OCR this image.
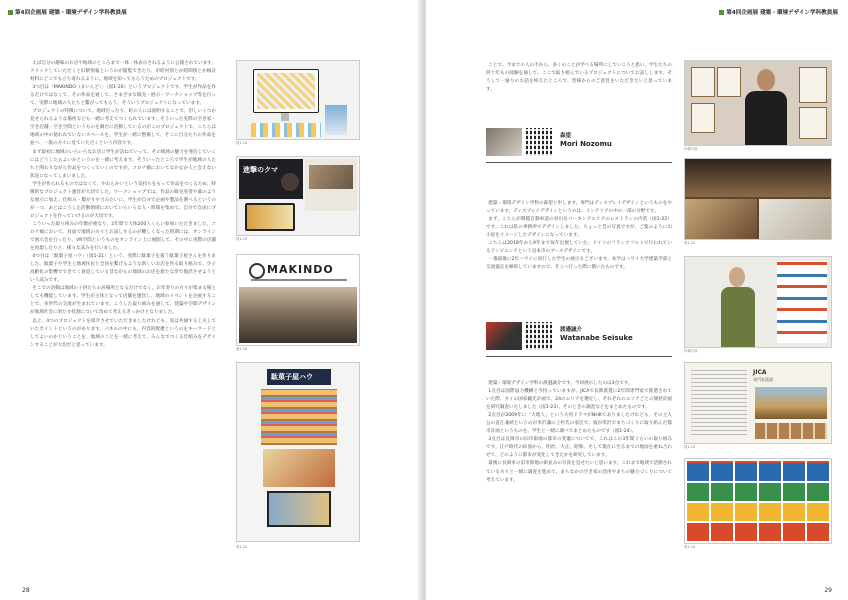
第4回企画展 建築・環境デザイン学科教員展

えば自分の趣味のお店や地域のところまで一体一体表示されるように公開されています。クリックしていただくと旧駅情報というのが閲覧できたり、市町村別とか時間別とか検討材料にどこでも立ち寄れるように、地域を知ってもらうためのプロジェクトです。

3つ目は「MAKINDO（まいんど）」（図1-20）というプロジェクトです。学生が作品を作るだけではなくて、その作品を通して、さまざまな販売・展示・ワークショップ等を行って、実際に地域の人たちと繋がってもらう、そういうプロジェクトになっています。

プロジェクトの特徴について、地域だったり、町の人には説明することで、但しいくつか見せられるような場所なども一緒に考えてつくられています。そういった実際の空き家・空き店舗・空き空間というものを舞台に活動しているのがこのプロジェクトで、こちらは地域の中の使われていないスペースを、学生が一緒に整備して、そこに自分たちの作品を並べ、一般の方々に見ていただくという内容です。

まず最初に地域のいろいろなお店に学生が訪ねていって、その地域の魅力を発信していくにはどうしたらよいかというのを一緒に考えます。そういったところで学生が地域の人たちと関わりながら作品をつくっていくのですが、コロナ禍においてなかなか人と会えない状況になってしまいました。

学生が作られるものではなくて、やわらかいという気持ちをもって作品をつくるため、特徴的なプロジェクト運営が大切でした。ワークショップでは、作品の販売実習や幕のような展示に加え、仕組み・繋がりや力みたいに、学生が自分で企画や製品を選べるというのが一つ、あとはこうした活動領域においていろいろな人・時間を集めて、自分で自由にプロジェクトを作っていけるのが大切です。

こういった取り組みの年数が重なり、2年間で大体200人くらい参加いただきました。コロナ禍において、対面で地域の方々とお話しするのが難しくなった時期には、オンラインで展示会を行ったり、VR空間というものをオンライン上に展開して、その中に実際の店舗を再現したりと、様々な試みを行いました。

4つ目は「駄菓子屋ハウ」（図1-21）という、実際に駄菓子を扱う駄菓子屋さんを作りました。駄菓子や学生と地域住民と全員を繋げるような新しいお店を作る取り組みで、少子高齢化の影響でできてく衰退している昔ながらの地域のお店を新たな形で復活させようという試みです。

そこでの活動は地域の子供たちの居場所となるだけでなく、お年寄りの方々が集まる場としても機能しています。学生が主体となって店舗を運営し、地域のイベントを企画することで、多世代の交流が生まれています。こうした取り組みを通して、建築や空間デザインが地域社会に果たす役割について改めて考えるきっかけとなりました。

以上、4つのプロジェクトを紹介させていただきましたけれども、実は共通する工夫していたポイントというのがあります。パネルの中にも、内容的配慮というのをキーワードとしてよいのかということを、地域のことを一緒に考えて、みんなでつくる仕組みをデザインすることが大切だと思っています。

図1-18
進撃のクマ
図1-19
MAKINDO
図1-20
駄菓子屋ハウ
図1-21
28
第4回企画展 建築・環境デザイン学科教員展

ことで、今までの人の手から、多くのことが学べる場所にしていこうと思い、学生たちの何十年もの経験を通して、ここで取り組んでいるプロジェクトについてお話しします。そうして一通りのお話を終えたところで、皆様からのご意見をいただきたいと思っています。

森望
Mori Nozomu

建築・環境デザイン学科の森望と申します。専門はディスプレイデザインというものをやっています。ディスプレイデザインというのは、インテリアの中の一部の分野です。

まず、こちらが関越自動車道の谷川岳パーキングエリアのレストランの内装（図1-22）です。これは私の事務所でデザインしました。ちょっと昔の写真ですが、ご覧のように山小屋をイメージしたデザインになっています。

こちらは2018年から9年まで毎年出展していた、ドイツのフランクフルトで行われているアンビエンテという見本市のブースデザインです。

一番最後に2年ハワイに同行した学生の展示もございます。本学はハワイ大学建築学部と交流協定を締結していますので、そこへ行った際に描いたものです。

渡邉誠介
Watanabe Seisuke

建築・環境デザイン学科の渡邉誠介です。今回展示したのは3点です。

1点目は国際協力機構と今持っていますが、JICAで長期派遣に2年間専門家で派遣されていた際、タイの国家観光計画で、24のエリアを選定し、それぞれのエリアごとの開発計画を研究調査いたしました（図1-23）。そのときの調査などをまとめたものです。

2点目が2009年に「大地人」という大河ドラマがNHKでありましたけれども、その主人公の直江兼続というのが米沢藩の上杉氏の家臣で、彼が米沢でまちづくりに取り組んだ都市計画というものを、学生と一緒に調べてまとめたものです（図1-24）。

3点目は長岡市の旧市街地の都市の変遷についてで、これはこの3年間ぐらいの取り組みです。江戸時代の絵図から、明治、大正、昭和、そして現在に至るまでの地図を重ね合わせて、どのように都市が変化してきたかを研究しています。

最後に長岡市の旧市街地の街並みの写真を見せたいと思います。これまで地域で活動されている方々と一緒に調査を進めて、まちなかの空き家の活用やまちの魅力づくりについて考えています。

肖像写真
図1-22
肖像写真
JICA
専門家派遣
図1-23
図1-24
29
